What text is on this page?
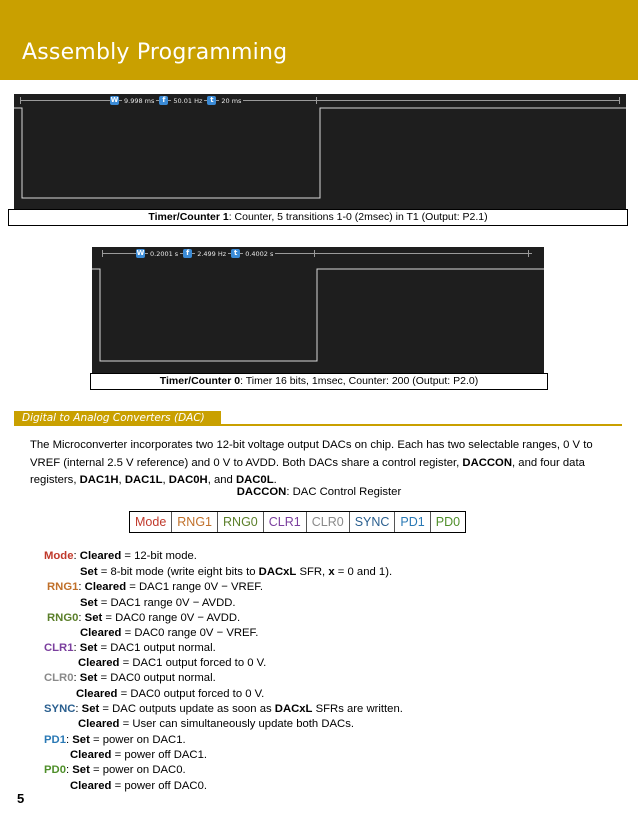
Assembly Programming
W 9.998 ms	f	50.01 Hz	t	20 ms
Timer/Counter 1: Counter, 5 transitions 1-0 (2msec) in T1 (Output: P2.1)
W 0.2001 s	f	2.499 Hz	t	0.4002 s
Timer/Counter 0: Timer 16 bits, 1msec, Counter: 200 (Output: P2.0)
Digital to Analog Converters (DAC)
The Microconverter incorporates two 12-bit voltage output DACs on chip. Each has two selectable ranges, 0 V to VREF (internal 2.5 V reference) and 0 V to AVDD. Both DACs share a control register, DACCON, and four data registers, DAC1H, DAC1L, DAC0H, and DAC0L.
DACCON: DAC Control Register
Mode RNG1 RNG0 CLR1 CLR0 SYNC PD1 PD0
Mode: Cleared = 12-bit mode.
Set = 8-bit mode (write eight bits to DACxL SFR, x = 0 and 1).
RNG1: Cleared = DAC1 range 0V − VREF.
Set = DAC1 range 0V − AVDD.
RNG0: Set = DAC0 range 0V − AVDD.
Cleared = DAC0 range 0V − VREF.
CLR1: Set = DAC1 output normal.
Cleared = DAC1 output forced to 0 V.
CLR0: Set = DAC0 output normal.
Cleared = DAC0 output forced to 0 V.
SYNC: Set = DAC outputs update as soon as DACxL SFRs are written.
Cleared = User can simultaneously update both DACs.
PD1: Set = power on DAC1.
Cleared = power off DAC1.
PD0: Set = power on DAC0.
Cleared = power off DAC0.
5
